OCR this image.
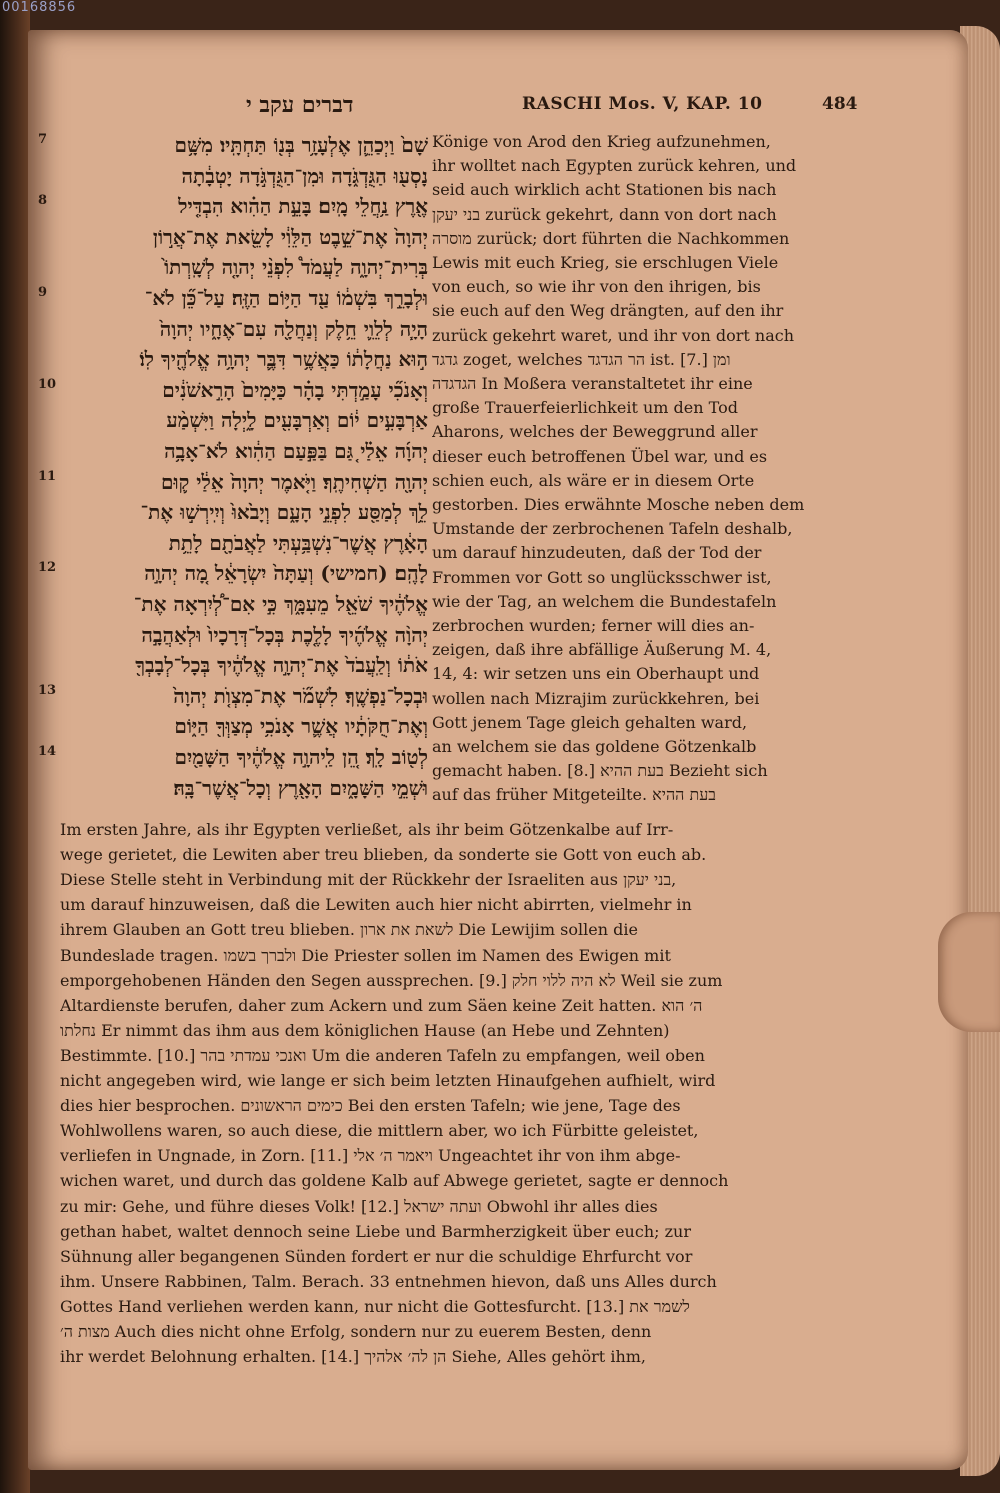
00168856
דברים עקב י	RASCHI Mos. V, KAP. 10	484
שָׁם֙ וַיְכַהֵ֛ן אֶלְעָזָ֥ר בְּנ֖וֹ תַּחְתָּֽיו׃ מִשָּׁ֥ם
7
נָסְע֖וּ הַגֻּדְגֹּ֑דָה וּמִן־הַגֻּדְגֹּ֣דָה יָטְבָ֔תָה
אֶ֖רֶץ נַ֥חֲלֵי מָֽיִם׃ בָּעֵ֣ת הַהִ֗וא הִבְדִּ֤יל
8
יְהוָה֙ אֶת־שֵׁ֣בֶט הַלֵּוִ֔י לָשֵׂ֖את אֶת־אֲר֣וֹן
בְּרִית־יְהוָ֑ה לַעֲמֹד֩ לִפְנֵ֨י יְהוָ֤ה לְשָֽׁרְתוֹ֙
וּלְבָרֵ֣ךְ בִּשְׁמ֔וֹ עַ֖ד הַיּ֥וֹם הַזֶּֽה׃ עַל־כֵּ֞ן לֹא־
9
הָיָ֧ה לְלֵוִ֛י חֵ֥לֶק וְנַחֲלָ֖ה עִם־אֶחָ֑יו יְהוָה֙
ה֣וּא נַחֲלָת֔וֹ כַּאֲשֶׁ֥ר דִּבֶּ֛ר יְהוָ֥ה אֱלֹהֶ֖יךָ לֽוֹ׃
וְאָנֹכִ֞י עָמַ֣דְתִּי בָהָ֗ר כַּיָּמִים֙ הָרִ֣אשֹׁנִ֔ים
10
אַרְבָּעִ֣ים י֔וֹם וְאַרְבָּעִ֖ים לָ֑יְלָה וַיִּשְׁמַ֨ע
יְהוָ֜ה אֵלַ֗י גַּ֚ם בַּפַּ֣עַם הַהִ֔וא לֹא־אָבָ֥ה
יְהוָ֖ה הַשְׁחִיתֶֽךָ׃ וַיֹּ֤אמֶר יְהוָה֙ אֵלַ֔י ק֛וּם
11
לֵ֥ךְ לְמַסַּ֖ע לִפְנֵ֣י הָעָ֑ם וְיָבֹ֙אוּ֙ וְיִֽירְשׁ֣וּ אֶת־
הָאָ֔רֶץ אֲשֶׁר־נִשְׁבַּ֥עְתִּי לַאֲבֹתָ֖ם לָתֵ֥ת
לָהֶֽם׃ (חמישי) וְעַתָּה֙ יִשְׂרָאֵ֔ל מָ֚ה יְהוָ֣ה
12
אֱלֹהֶ֔יךָ שֹׁאֵ֖ל מֵעִמָּ֑ךְ כִּ֣י אִם־לְ֠יִרְאָה אֶת־
יְהוָ֨ה אֱלֹהֶ֜יךָ לָלֶ֤כֶת בְּכָל־דְּרָכָיו֙ וּלְאַהֲבָ֣ה
אֹת֔וֹ וְלַֽעֲבֹד֙ אֶת־יְהוָ֣ה אֱלֹהֶ֔יךָ בְּכָל־לְבָבְךָ֖
וּבְכָל־נַפְשֶֽׁךָ׃ לִשְׁמֹ֞ר אֶת־מִצְוֺ֤ת יְהוָה֙
13
וְאֶת־חֻקֹּתָ֔יו אֲשֶׁ֛ר אָנֹכִ֥י מְצַוְּךָ֖ הַיּ֑וֹם
לְט֖וֹב לָֽךְ׃ הֵ֚ן לַֽיהוָ֣ה אֱלֹהֶ֔יךָ הַשָּׁמַ֖יִם
14
וּשְׁמֵ֣י הַשָּׁמָ֑יִם הָאָ֖רֶץ וְכָל־אֲשֶׁר־בָּֽהּ׃
Könige von Arod den Krieg aufzunehmen,
ihr wolltet nach Egypten zurück kehren, und
seid auch wirklich acht Stationen bis nach
בני יעקן zurück gekehrt, dann von dort nach
מוסרה zurück; dort führten die Nachkommen
Lewis mit euch Krieg, sie erschlugen Viele
von euch, so wie ihr von den ihrigen, bis
sie euch auf den Weg drängten, auf den ihr
zurück gekehrt waret, und ihr von dort nach
גדגד zoget, welches הר הגדגד ist. [7.] ומן
הגדגדה In Moßera veranstaltetet ihr eine
große Trauerfeierlichkeit um den Tod
Aharons, welches der Beweggrund aller
dieser euch betroffenen Übel war, und es
schien euch, als wäre er in diesem Orte
gestorben. Dies erwähnte Mosche neben dem
Umstande der zerbrochenen Tafeln deshalb,
um darauf hinzudeuten, daß der Tod der
Frommen vor Gott so unglücksschwer ist,
wie der Tag, an welchem die Bundestafeln
zerbrochen wurden; ferner will dies an-
zeigen, daß ihre abfällige Äußerung M. 4,
14, 4: wir setzen uns ein Oberhaupt und
wollen nach Mizrajim zurückkehren, bei
Gott jenem Tage gleich gehalten ward,
an welchem sie das goldene Götzenkalb
gemacht haben. [8.] בעת ההיא Bezieht sich
auf das früher Mitgeteilte. בעת ההיא
Im ersten Jahre, als ihr Egypten verließet, als ihr beim Götzenkalbe auf Irr-
wege gerietet, die Lewiten aber treu blieben, da sonderte sie Gott von euch ab.
Diese Stelle steht in Verbindung mit der Rückkehr der Israeliten aus בני יעקן,
um darauf hinzuweisen, daß die Lewiten auch hier nicht abirrten, vielmehr in
ihrem Glauben an Gott treu blieben. לשאת את ארון Die Lewijim sollen die
Bundeslade tragen. ולברך בשמו Die Priester sollen im Namen des Ewigen mit
emporgehobenen Händen den Segen aussprechen. [9.] לא היה ללוי חלק Weil sie zum
Altardienste berufen, daher zum Ackern und zum Säen keine Zeit hatten. ה׳ הוא
נחלתו Er nimmt das ihm aus dem königlichen Hause (an Hebe und Zehnten)
Bestimmte. [10.] ואנכי עמדתי בהר Um die anderen Tafeln zu empfangen, weil oben
nicht angegeben wird, wie lange er sich beim letzten Hinaufgehen aufhielt, wird
dies hier besprochen. כימים הראשונים Bei den ersten Tafeln; wie jene, Tage des
Wohlwollens waren, so auch diese, die mittlern aber, wo ich Fürbitte geleistet,
verliefen in Ungnade, in Zorn. [11.] ויאמר ה׳ אלי Ungeachtet ihr von ihm abge-
wichen waret, und durch das goldene Kalb auf Abwege gerietet, sagte er dennoch
zu mir: Gehe, und führe dieses Volk! [12.] ועתה ישראל Obwohl ihr alles dies
gethan habet, waltet dennoch seine Liebe und Barmherzigkeit über euch; zur
Sühnung aller begangenen Sünden fordert er nur die schuldige Ehrfurcht vor
ihm. Unsere Rabbinen, Talm. Berach. 33 entnehmen hievon, daß uns Alles durch
Gottes Hand verliehen werden kann, nur nicht die Gottesfurcht. [13.] לשמר את
מצות ה׳ Auch dies nicht ohne Erfolg, sondern nur zu euerem Besten, denn
ihr werdet Belohnung erhalten. [14.] הן לה׳ אלהיך Siehe, Alles gehört ihm,
